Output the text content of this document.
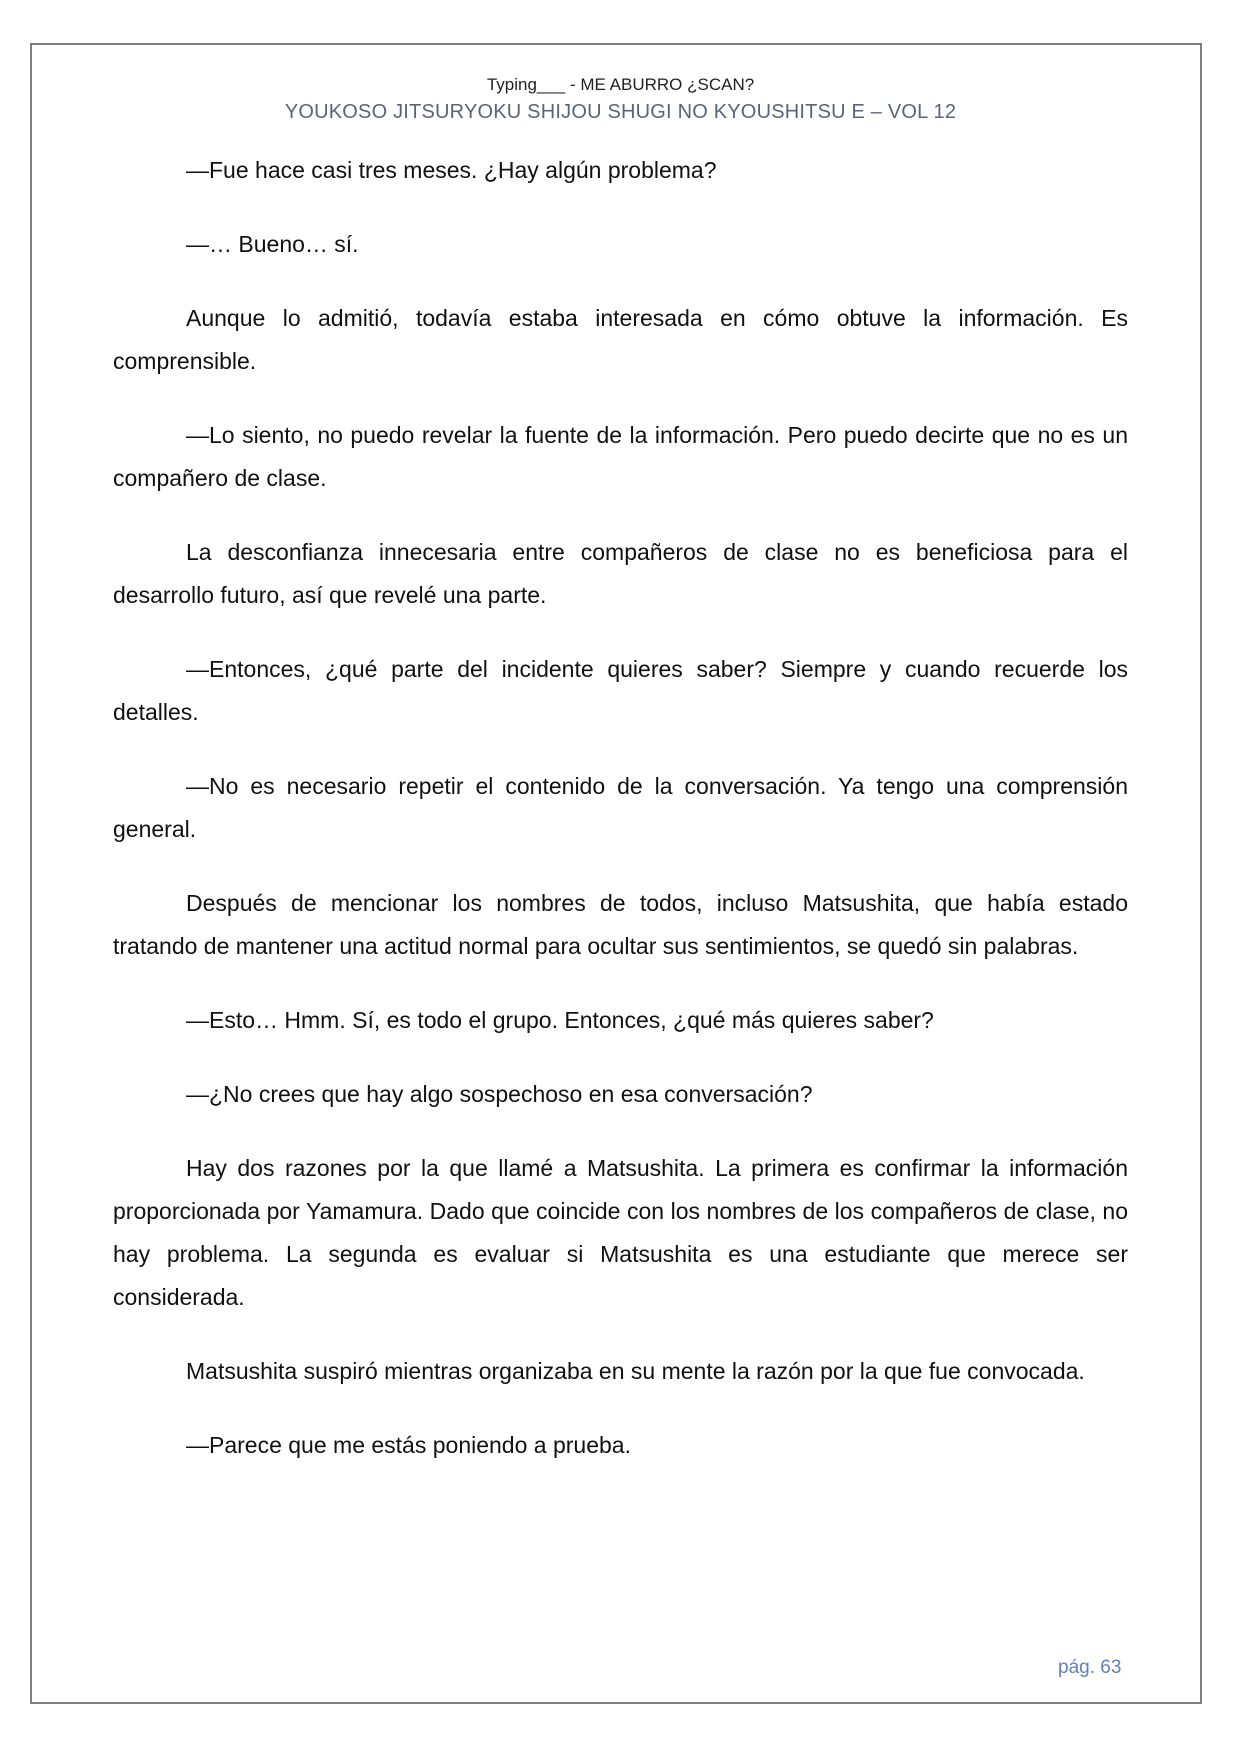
Typing___ - ME ABURRO ¿SCAN?
YOUKOSO JITSURYOKU SHIJOU SHUGI NO KYOUSHITSU E – VOL 12

—Fue hace casi tres meses. ¿Hay algún problema?

—… Bueno… sí.

Aunque lo admitió, todavía estaba interesada en cómo obtuve la información. Es comprensible.

—Lo siento, no puedo revelar la fuente de la información. Pero puedo decirte que no es un compañero de clase.

La desconfianza innecesaria entre compañeros de clase no es beneficiosa para el desarrollo futuro, así que revelé una parte.

—Entonces, ¿qué parte del incidente quieres saber? Siempre y cuando recuerde los detalles.

—No es necesario repetir el contenido de la conversación. Ya tengo una comprensión general.

Después de mencionar los nombres de todos, incluso Matsushita, que había estado tratando de mantener una actitud normal para ocultar sus sentimientos, se quedó sin palabras.

—Esto… Hmm. Sí, es todo el grupo. Entonces, ¿qué más quieres saber?

—¿No crees que hay algo sospechoso en esa conversación?

Hay dos razones por la que llamé a Matsushita. La primera es confirmar la información proporcionada por Yamamura. Dado que coincide con los nombres de los compañeros de clase, no hay problema. La segunda es evaluar si Matsushita es una estudiante que merece ser considerada.

Matsushita suspiró mientras organizaba en su mente la razón por la que fue convocada.

—Parece que me estás poniendo a prueba.

pág. 63
